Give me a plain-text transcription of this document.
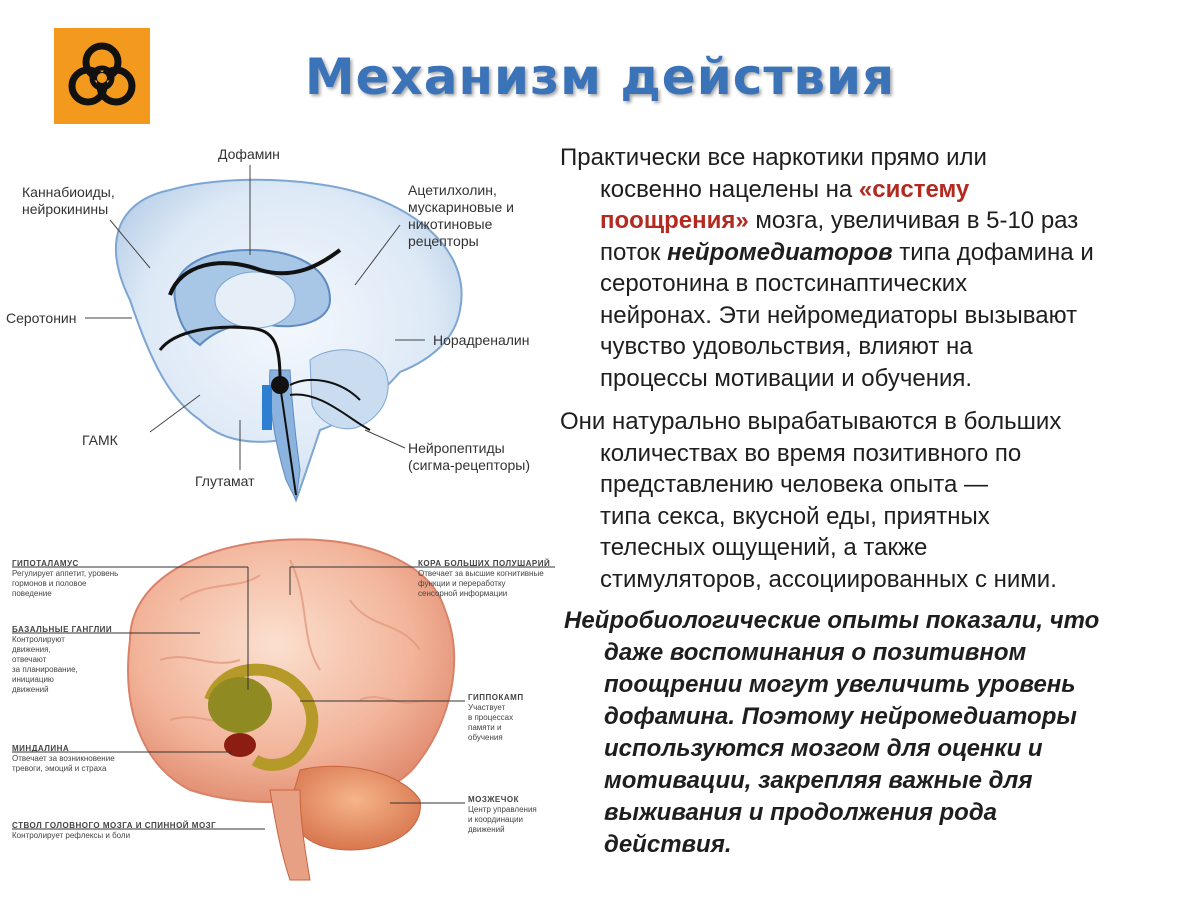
Механизм действия
Дофамин
Каннабиоиды,
нейрокинины
Ацетилхолин,
мускариновые и
никотиновые
рецепторы
Серотонин
Норадреналин
ГАМК	Нейропептиды
(сигма-рецепторы)
Глутамат
ГИПОТАЛАМУС
Регулирует аппетит, уровень
гормонов и половое
поведение
БАЗАЛЬНЫЕ ГАНГЛИИ
Контролируют
движения,
отвечают
за планирование,
инициацию
движений
МИНДАЛИНА
Отвечает за возникновение
тревоги, эмоций и страха
СТВОЛ ГОЛОВНОГО МОЗГА И СПИННОЙ МОЗГ
Контролирует рефлексы и боли
КОРА БОЛЬШИХ ПОЛУШАРИЙ
Отвечает за высшие когнитивные
функции и переработку
сенсорной информации
ГИППОКАМП
Участвует
в процессах
памяти и
обучения
МОЗЖЕЧОК
Центр управления
и координации
движений
Практически все наркотики прямо или
косвенно нацелены на «систему
поощрения» мозга, увеличивая в 5-10 раз
поток нейромедиаторов типа дофамина и
серотонина в постсинаптических
нейронах. Эти нейромедиаторы вызывают
чувство удовольствия, влияют на
процессы мотивации и обучения.
Они натурально вырабатываются в больших
количествах во время позитивного по
представлению человека опыта —
типа секса, вкусной еды, приятных
телесных ощущений, а также
стимуляторов, ассоциированных с ними.
Нейробиологические опыты показали, что
даже воспоминания о позитивном
поощрении могут увеличить уровень
дофамина. Поэтому нейромедиаторы
используются мозгом для оценки и
мотивации, закрепляя важные для
выживания и продолжения рода
действия.
